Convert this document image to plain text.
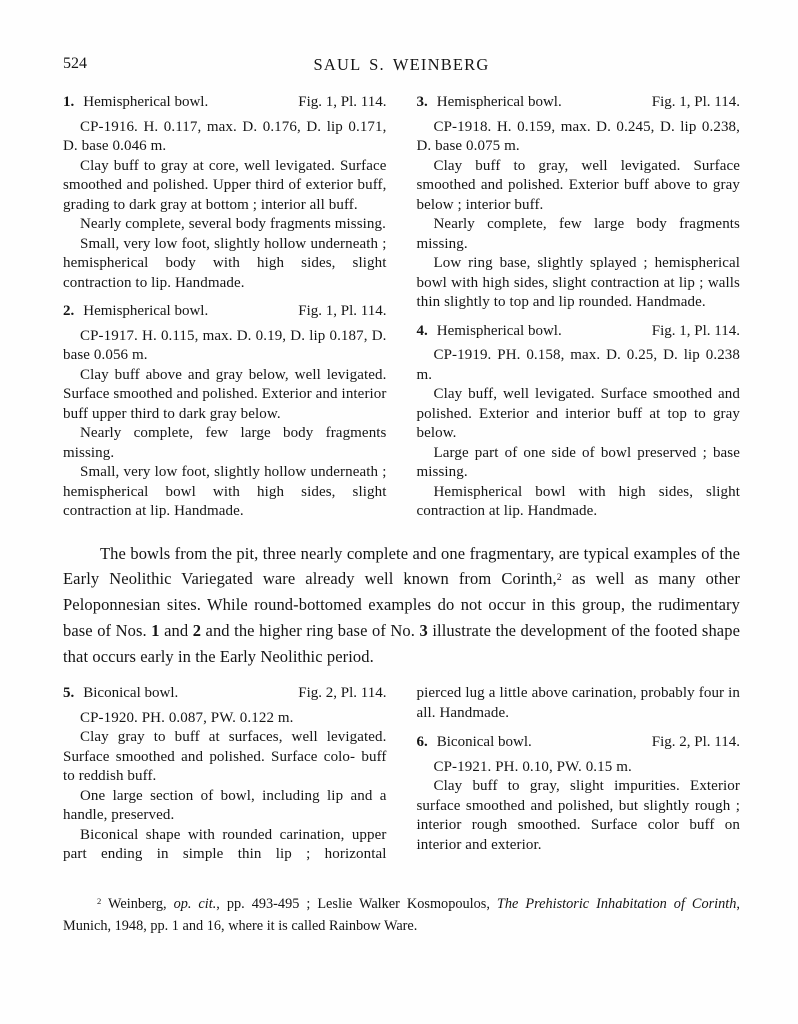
524	SAUL S. WEINBERG
1. Hemispherical bowl.	Fig. 1, Pl. 114.

CP-1916. H. 0.117, max. D. 0.176, D. lip 0.171, D. base 0.046 m.

Clay buff to gray at core, well levigated. Surface smoothed and polished. Upper third of exterior buff, grading to dark gray at bottom ; interior all buff.

Nearly complete, several body fragments missing.

Small, very low foot, slightly hollow underneath ; hemispherical body with high sides, slight contraction to lip. Handmade.

2. Hemispherical bowl.	Fig. 1, Pl. 114.

CP-1917. H. 0.115, max. D. 0.19, D. lip 0.187, D. base 0.056 m.

Clay buff above and gray below, well levigated. Surface smoothed and polished. Exterior and interior buff upper third to dark gray below.

Nearly complete, few large body fragments missing.

Small, very low foot, slightly hollow underneath ; hemispherical bowl with high sides, slight contraction at lip. Handmade.

3. Hemispherical bowl.	Fig. 1, Pl. 114.

CP-1918. H. 0.159, max. D. 0.245, D. lip 0.238, D. base 0.075 m.

Clay buff to gray, well levigated. Surface smoothed and polished. Exterior buff above to gray below ; interior buff.

Nearly complete, few large body fragments missing.

Low ring base, slightly splayed ; hemispherical bowl with high sides, slight contraction at lip ; walls thin slightly to top and lip rounded. Handmade.

4. Hemispherical bowl.	Fig. 1, Pl. 114.

CP-1919. PH. 0.158, max. D. 0.25, D. lip 0.238 m.

Clay buff, well levigated. Surface smoothed and polished. Exterior and interior buff at top to gray below.

Large part of one side of bowl preserved ; base missing.

Hemispherical bowl with high sides, slight contraction at lip. Handmade.

The bowls from the pit, three nearly complete and one fragmentary, are typical examples of the Early Neolithic Variegated ware already well known from Corinth,$^2$ as well as many other Peloponnesian sites. While round-bottomed examples do not occur in this group, the rudimentary base of Nos. 1 and 2 and the higher ring base of No. 3 illustrate the development of the footed shape that occurs early in the Early Neolithic period.

5. Biconical bowl.	Fig. 2, Pl. 114.

CP-1920. PH. 0.087, PW. 0.122 m.

Clay gray to buff at surfaces, well levigated. Surface smoothed and polished. Surface colo- buff to reddish buff.

One large section of bowl, including lip and a handle, preserved.

Biconical shape with rounded carination, upper part ending in simple thin lip ; horizontal

pierced lug a little above carination, probably four in all. Handmade.

6. Biconical bowl.	Fig. 2, Pl. 114.

CP-1921. PH. 0.10, PW. 0.15 m.

Clay buff to gray, slight impurities. Exterior surface smoothed and polished, but slightly rough ; interior rough smoothed. Surface color buff on interior and exterior.

$^2$ Weinberg, op. cit., pp. 493-495 ; Leslie Walker Kosmopoulos, The Prehistoric Inhabitation of Corinth, Munich, 1948, pp. 1 and 16, where it is called Rainbow Ware.
